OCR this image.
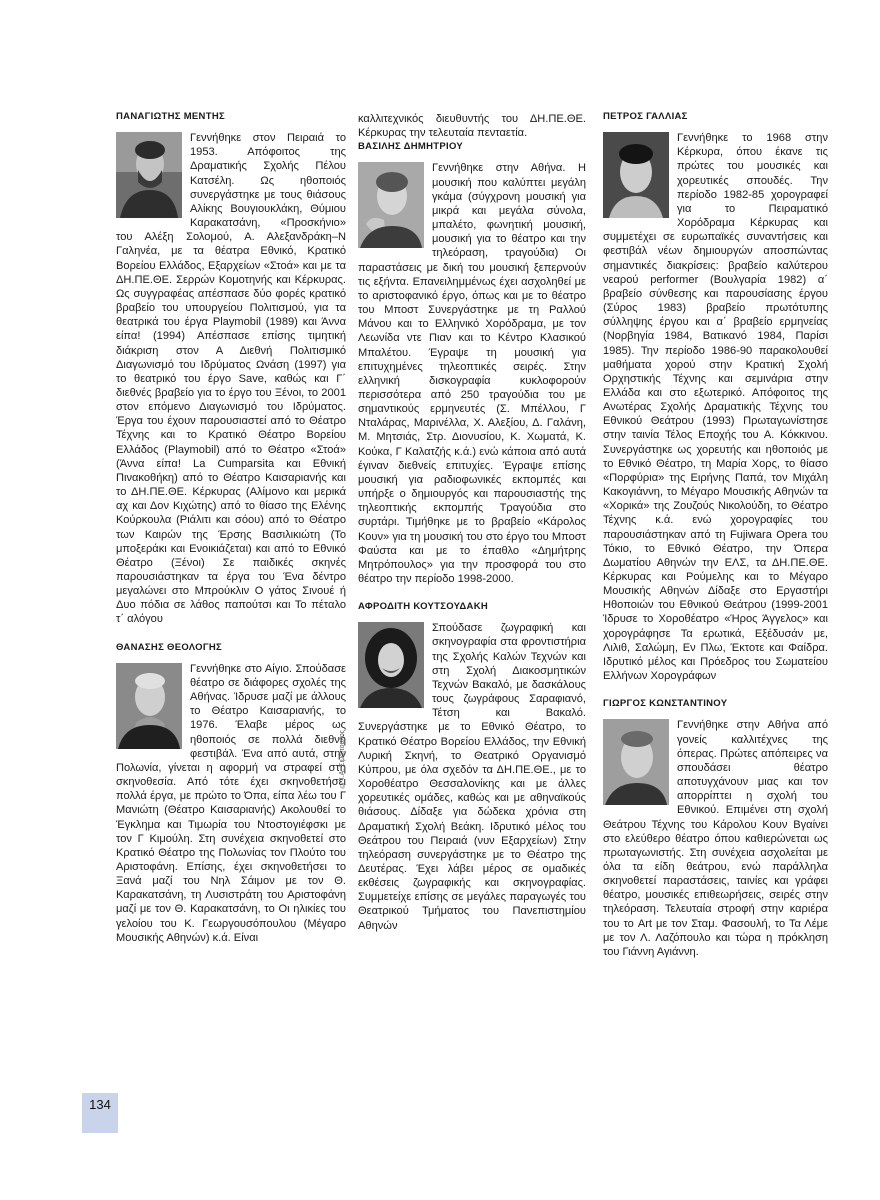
ΠΑΝΑΓΙΩΤΗΣ ΜΕΝΤΗΣ

Γεννήθηκε στον Πειραιά το 1953. Απόφοιτος της Δραματικής Σχολής Πέλου Κατσέλη. Ως ηθοποιός συνεργάστηκε με τους θιάσους Αλίκης Βουγιουκλάκη, Θύμιου Καρακατσάνη, «Προσκήνιο» του Αλέξη Σολομού, Α. Αλεξανδράκη–Ν Γαληνέα, με τα θέατρα Εθνικό, Κρατικό Βορείου Ελλάδος, Εξαρχείων «Στοά» και με τα ΔΗ.ΠΕ.ΘΕ. Σερρών Κομοτηνής και Κέρκυρας. Ως συγγραφέας απέσπασε δύο φορές κρατικό βραβείο του υπουργείου Πολιτισμού, για τα θεατρικά του έργα Playmobil (1989) και Άννα είπα! (1994) Απέσπασε επίσης τιμητική διάκριση στον Α Διεθνή Πολιτισμικό Διαγωνισμό του Ιδρύματος Ωνάση (1997) για το θεατρικό του έργο Save, καθώς και Γ΄ διεθνές βραβείο για το έργο του Ξένοι, το 2001 στον επόμενο Διαγωνισμό του Ιδρύματος. Έργα του έχουν παρουσιαστεί από το Θέατρο Τέχνης και το Κρατικό Θέατρο Βορείου Ελλάδος (Playmobil) από το Θέατρο «Στοά» (Άννα είπα! La Cumparsita και Εθνική Πινακοθήκη) από το Θέατρο Καισαριανής και το ΔΗ.ΠΕ.ΘΕ. Κέρκυρας (Αλίμονο και μερικά αχ και Δον Κιχώτης) από το θίασο της Ελένης Κούρκουλα (Ριάλιτι και σόου) από το Θέατρο των Καιρών της Έρσης Βασιλικιώτη (Το μποξεράκι και Ενοικιάζεται) και από το Εθνικό Θέατρο (Ξένοι) Σε παιδικές σκηνές παρουσιάστηκαν τα έργα του Ένα δέντρο μεγαλώνει στο Μπρούκλιν Ο γάτος Σινουέ ή Δυο πόδια σε λάθος παπούτσι και Το πέταλο τ΄ αλόγου

ΘΑΝΑΣΗΣ ΘΕΟΛΟΓΗΣ

Γεννήθηκε στο Αίγιο. Σπούδασε θέατρο σε διάφορες σχολές της Αθήνας. Ίδρυσε μαζί με άλλους το Θέατρο Καισαριανής, το 1976. Έλαβε μέρος ως ηθοποιός σε πολλά διεθνή φεστιβάλ. Ένα από αυτά, στην Πολωνία, γίνεται η αφορμή να στραφεί στη σκηνοθεσία. Από τότε έχει σκηνοθετήσει πολλά έργα, με πρώτο το Όπα, είπα λέω του Γ Μανιώτη (Θέατρο Καισαριανής) Ακολουθεί το Έγκλημα και Τιμωρία του Ντοστογιέφσκι με τον Γ Κιμούλη. Στη συνέχεια σκηνοθετεί στο Κρατικό Θέατρο της Πολωνίας τον Πλούτο του Αριστοφάνη. Επίσης, έχει σκηνοθετήσει το Ξανά μαζί του Νηλ Σάιμον με τον Θ. Καρακατσάνη, τη Λυσιστράτη του Αριστοφάνη μαζί με τον Θ. Καρακατσάνη, το Οι ηλικίες του γελοίου του Κ. Γεωργουσόπουλου (Μέγαρο Μουσικής Αθηνών) κ.ά. Είναι

καλλιτεχνικός διευθυντής του ΔΗ.ΠΕ.ΘΕ. Κέρκυρας την τελευταία πενταετία.

ΒΑΣΙΛΗΣ ΔΗΜΗΤΡΙΟΥ

Γεννήθηκε στην Αθήνα. Η μουσική που καλύπτει μεγάλη γκάμα (σύγχρονη μουσική για μικρά και μεγάλα σύνολα, μπαλέτο, φωνητική μουσική, μουσική για το θέατρο και την τηλεόραση, τραγούδια) Οι παραστάσεις με δική του μουσική ξεπερνούν τις εξήντα. Επανειλημμένως έχει ασχοληθεί με το αριστοφανικό έργο, όπως και με το θέατρο του Μποστ Συνεργάστηκε με τη Ραλλού Μάνου και το Ελληνικό Χορόδραμα, με τον Λεωνίδα ντε Πιαν και το Κέντρο Κλασικού Μπαλέτου. Έγραψε τη μουσική για επιτυχημένες τηλεοπτικές σειρές. Στην ελληνική δισκογραφία κυκλοφορούν περισσότερα από 250 τραγούδια του με σημαντικούς ερμηνευτές (Σ. Μπέλλου, Γ Νταλάρας, Μαρινέλλα, Χ. Αλεξίου, Δ. Γαλάνη, Μ. Μητσιάς, Στρ. Διονυσίου, Κ. Χωματά, Κ. Κούκα, Γ Καλατζής κ.ά.) ενώ κάποια από αυτά έγιναν διεθνείς επιτυχίες. Έγραψε επίσης μουσική για ραδιοφωνικές εκπομπές και υπήρξε ο δημιουργός και παρουσιαστής της τηλεοπτικής εκπομπής Τραγούδια στο συρτάρι. Τιμήθηκε με το βραβείο «Κάρολος Κουν» για τη μουσική του στο έργο του Μποστ Φαύστα και με το έπαθλο «Δημήτρης Μητρόπουλος» για την προσφορά του στο θέατρο την περίοδο 1998-2000.

ΑΦΡΟΔΙΤΗ ΚΟΥΤΣΟΥΔΑΚΗ

Σπούδασε ζωγραφική και σκηνογραφία στα φροντιστήρια της Σχολής Καλών Τεχνών και στη Σχολή Διακοσμητικών Τεχνών Βακαλό, με δασκάλους τους ζωγράφους Σαραφιανό, Τέτση και Βακαλό. Συνεργάστηκε με το Εθνικό Θέατρο, το Κρατικό Θέατρο Βορείου Ελλάδος, την Εθνική Λυρική Σκηνή, το Θεατρικό Οργανισμό Κύπρου, με όλα σχεδόν τα ΔΗ.ΠΕ.ΘΕ., με το Χοροθέατρο Θεσσαλονίκης και με άλλες χορευτικές ομάδες, καθώς και με αθηναϊκούς θιάσους. Δίδαξε για δώδεκα χρόνια στη Δραματική Σχολή Βεάκη. Ιδρυτικό μέλος του Θεάτρου του Πειραιά (νυν Εξαρχείων) Στην τηλεόραση συνεργάστηκε με το Θέατρο της Δευτέρας. Έχει λάβει μέρος σε ομαδικές εκθέσεις ζωγραφικής και σκηνογραφίας. Συμμετείχε επίσης σε μεγάλες παραγωγές του Θεατρικού Τμήματος του Πανεπιστημίου Αθηνών

© Ι.Α. Σιμόπουλος
ΠΕΤΡΟΣ ΓΑΛΛΙΑΣ

Γεννήθηκε το 1968 στην Κέρκυρα, όπου έκανε τις πρώτες του μουσικές και χορευτικές σπουδές. Την περίοδο 1982-85 χορογραφεί για το Πειραματικό Χορόδραμα Κέρκυρας και συμμετέχει σε ευρωπαϊκές συναντήσεις και φεστιβάλ νέων δημιουργών αποσπώντας σημαντικές διακρίσεις: βραβείο καλύτερου νεαρού performer (Βουλγαρία 1982) α΄ βραβείο σύνθεσης και παρουσίασης έργου (Σύρος 1983) βραβείο πρωτότυπης σύλληψης έργου και α΄ βραβείο ερμηνείας (Νορβηγία 1984, Βατικανό 1984, Παρίσι 1985). Την περίοδο 1986-90 παρακολουθεί μαθήματα χορού στην Κρατική Σχολή Ορχηστικής Τέχνης και σεμινάρια στην Ελλάδα και στο εξωτερικό. Απόφοιτος της Ανωτέρας Σχολής Δραματικής Τέχνης του Εθνικού Θεάτρου (1993) Πρωταγωνίστησε στην ταινία Τέλος Εποχής του Α. Κόκκινου. Συνεργάστηκε ως χορευτής και ηθοποιός με το Εθνικό Θέατρο, τη Μαρία Χορς, το θίασο «Πορφύρια» της Ειρήνης Παπά, τον Μιχάλη Κακογιάννη, το Μέγαρο Μουσικής Αθηνών τα «Χορικά» της Ζουζούς Νικολούδη, το Θέατρο Τέχνης κ.ά. ενώ χορογραφίες του παρουσιάστηκαν από τη Fujiwara Opera του Τόκιο, το Εθνικό Θέατρο, την Όπερα Δωματίου Αθηνών την ΕΛΣ, τα ΔΗ.ΠΕ.ΘΕ. Κέρκυρας και Ρούμελης και το Μέγαρο Μουσικής Αθηνών Δίδαξε στο Εργαστήρι Ηθοποιών του Εθνικού Θεάτρου (1999-2001 Ίδρυσε το Χοροθέατρο «Ήρος Άγγελος» και χορογράφησε Τα ερωτικά, Εξέδυσάν με, Λιλιθ, Σαλώμη, Εν Πλω, Έκτοτε και Φαίδρα. Ιδρυτικό μέλος και Πρόεδρος του Σωματείου Ελλήνων Χορογράφων

ΓΙΩΡΓΟΣ ΚΩΝΣΤΑΝΤΙΝΟΥ

Γεννήθηκε στην Αθήνα από γονείς καλλιτέχνες της όπερας. Πρώτες απόπειρες να σπουδάσει θέατρο αποτυγχάνουν μιας και τον απορρίπτει η σχολή του Εθνικού. Επιμένει στη σχολή Θεάτρου Τέχνης του Κάρολου Κουν Βγαίνει στο ελεύθερο θέατρο όπου καθιερώνεται ως πρωταγωνιστής. Στη συνέχεια ασχολείται με όλα τα είδη θεάτρου, ενώ παράλληλα σκηνοθετεί παραστάσεις, ταινίες και γράφει θέατρο, μουσικές επιθεωρήσεις, σειρές στην τηλεόραση. Τελευταία στροφή στην καριέρα του το Art με τον Σταμ. Φασουλή, το Τα Λέμε με τον Λ. Λαζόπουλο και τώρα η πρόκληση του Γιάννη Αγιάννη.

134
